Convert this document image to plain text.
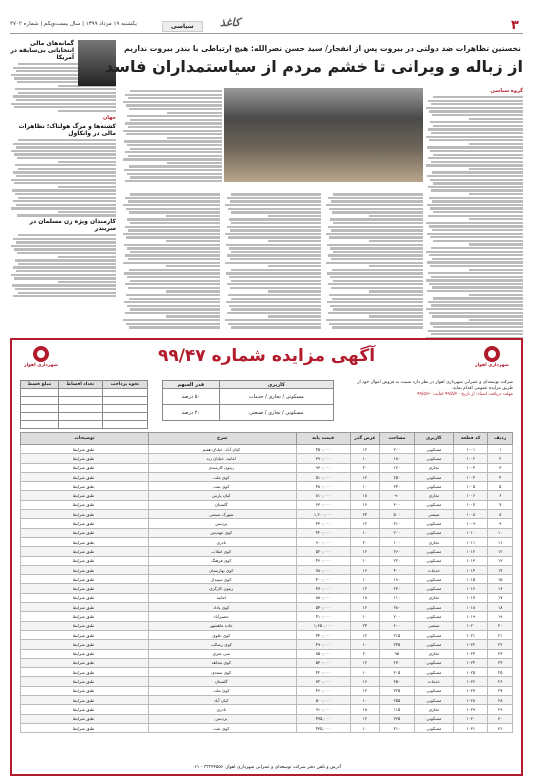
۳
سیاسی	کاغذ
یکشنبه ۱۹ مرداد ۱۳۹۹ | سال بیست‌ویکم | شماره ۴۷۰۲
گمانه‌های مالی انتخاباتی بی‌سابقه در آمریکا
جهان
کشته‌ها و مرگ هولناک؛ تظاهرات مالی در وانکاول
کارمندان ویژه زن مسلمان در سربندر
نخستین تظاهرات ضد دولتی در بیروت پس از انفجار/ سید حسن نصرالله: هیچ ارتباطی با بندر بیروت نداریم
از زباله و ویرانی تا خشم مردم از سیاستمداران فاسد
گروه سیاسی
شهرداری اهواز
شهرداری اهواز	آگهی مزایده شماره ۹۹/۴۷
شرکت توسعه‌ای و عمرانی شهرداری اهواز در نظر دارد نسبت به فروش اموال خود از طریق مزایده عمومی اقدام نماید.
مهلت دریافت اسناد: از تاریخ ۹۹/۵/۲۰ لغایت ۹۹/۵/۳۰
کاربری	قدر السهم
مسکونی / تجاری / خدمات	۵۰ درصد
مسکونی / تجاری / صنعتی	۲۰ درصد
نحوه پرداخت	تعداد اقساط	مبلغ قسط

ردیف	کد قطعه	کاربری	مساحت	عرض گذر	قیمت پایه	شرح	توضیحات
۱	۱۰۰۱	مسکونی	۲۰۰	۱۲	۴۵۰,۰۰۰	کیان آباد، خیابان هفتم	طبق شرایط
۲	۱۰۰۲	مسکونی	۱۸۰	۱۰	۳۹۰,۰۰۰	امانیه، خیابان زند	طبق شرایط
۳	۱۰۰۳	تجاری	۱۲۰	۲۰	۹۶۰,۰۰۰	زیتون کارمندی	طبق شرایط
۴	۱۰۰۴	مسکونی	۲۵۰	۱۲	۵۱۰,۰۰۰	کوی ملت	طبق شرایط
۵	۱۰۰۵	مسکونی	۲۴۰	۱۰	۴۸۰,۰۰۰	کوی نفت	طبق شرایط
۶	۱۰۰۶	تجاری	۹۰	۱۸	۸۱۰,۰۰۰	کیان پارس	طبق شرایط
۷	۱۰۰۷	مسکونی	۳۰۰	۱۶	۶۳۰,۰۰۰	گلستان	طبق شرایط
۸	۱۰۰۸	صنعتی	۵۰۰	۲۴	۱,۲۰۰,۰۰۰	شهرک صنعتی	طبق شرایط
۹	۱۰۰۹	مسکونی	۲۱۰	۱۲	۴۳۰,۰۰۰	پردیس	طبق شرایط
۱۰	۱۰۱۰	مسکونی	۲۰۰	۱۰	۴۲۰,۰۰۰	کوی مهدیس	طبق شرایط
۱۱	۱۰۱۱	تجاری	۱۰۰	۲۰	۹۰۰,۰۰۰	نادری	طبق شرایط
۱۲	۱۰۱۲	مسکونی	۲۶۰	۱۲	۵۲۰,۰۰۰	کوی انقلاب	طبق شرایط
۱۳	۱۰۱۳	مسکونی	۲۲۰	۱۰	۴۶۰,۰۰۰	کوی فرهنگ	طبق شرایط
۱۴	۱۰۱۴	خدمات	۴۰۰	۱۶	۷۸۰,۰۰۰	کوی بهارستان	طبق شرایط
۱۵	۱۰۱۵	مسکونی	۱۹۰	۱۰	۴۰۰,۰۰۰	کوی سپیدار	طبق شرایط
۱۶	۱۰۱۶	مسکونی	۲۳۰	۱۲	۴۷۰,۰۰۰	زیتون کارگری	طبق شرایط
۱۷	۱۰۱۷	تجاری	۱۱۰	۱۸	۸۸۰,۰۰۰	امانیه	طبق شرایط
۱۸	۱۰۱۸	مسکونی	۲۸۰	۱۲	۵۴۰,۰۰۰	کوی پاداد	طبق شرایط
۱۹	۱۰۱۹	مسکونی	۲۰۰	۱۰	۴۱۰,۰۰۰	حصیرآباد	طبق شرایط
۲۰	۱۰۲۰	صنعتی	۶۰۰	۲۴	۱,۳۵۰,۰۰۰	جاده ماهشهر	طبق شرایط
۲۱	۱۰۲۱	مسکونی	۲۱۵	۱۲	۴۴۰,۰۰۰	کوی علوی	طبق شرایط
۲۲	۱۰۲۲	مسکونی	۲۴۵	۱۰	۴۹۰,۰۰۰	کوی رسالت	طبق شرایط
۲۳	۱۰۲۳	تجاری	۹۵	۲۰	۸۵۰,۰۰۰	سی متری	طبق شرایط
۲۴	۱۰۲۴	مسکونی	۲۷۰	۱۲	۵۳۰,۰۰۰	کوی مجاهد	طبق شرایط
۲۵	۱۰۲۵	مسکونی	۲۰۵	۱۰	۴۲۰,۰۰۰	کوی سعدی	طبق شرایط
۲۶	۱۰۲۶	خدمات	۳۵۰	۱۶	۷۲۰,۰۰۰	گلستان	طبق شرایط
۲۷	۱۰۲۷	مسکونی	۲۲۵	۱۲	۴۶۰,۰۰۰	کوی ملت	طبق شرایط
۲۸	۱۰۲۸	مسکونی	۲۵۵	۱۰	۵۰۰,۰۰۰	کیان آباد	طبق شرایط
۲۹	۱۰۲۹	تجاری	۱۱۵	۱۸	۹۱۰,۰۰۰	نادری	طبق شرایط
۳۰	۱۰۳۰	مسکونی	۲۳۵	۱۲	۴۷۵,۰۰۰	پردیس	طبق شرایط
۳۱	۱۰۳۱	مسکونی	۲۱۰	۱۰	۴۳۵,۰۰۰	کوی نفت	طبق شرایط
آدرس و تلفن دفتر شرکت توسعه‌ای و عمرانی شهرداری اهواز: ۳۳۳۴۴۵۵۶ - ۰۶۱
